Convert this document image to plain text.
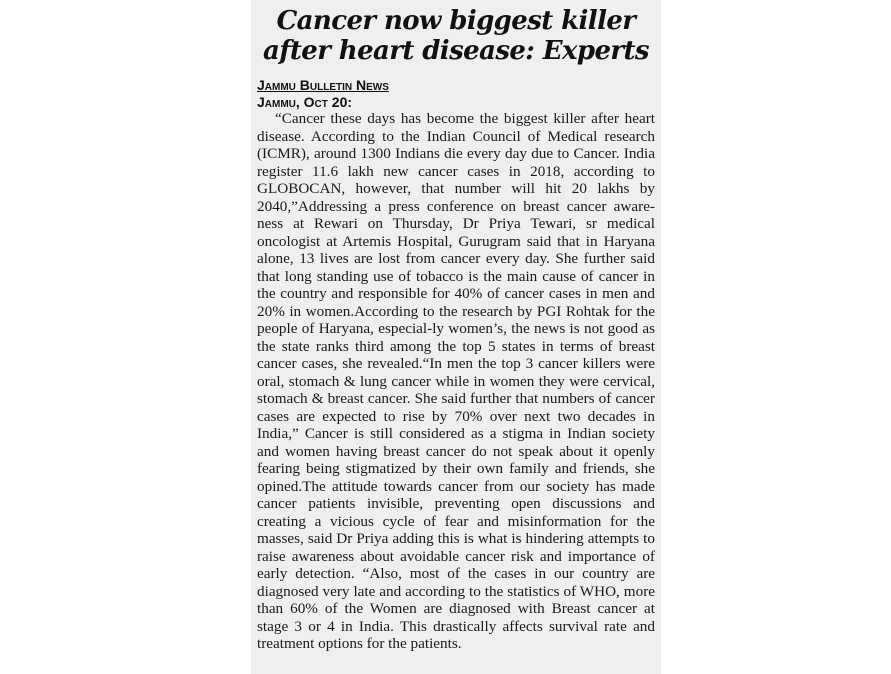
Cancer now biggest killer after heart disease: Experts
Jammu Bulletin News
Jammu, Oct 20:

“Cancer these days has become the biggest killer after heart disease. According to the Indian Council of Medical research (ICMR), around 1300 Indians die every day due to Cancer. India register 11.6 lakh new cancer cases in 2018, according to GLOBOCAN, however, that number will hit 20 lakhs by 2040,”Addressing a press conference on breast cancer aware-ness at Rewari on Thursday, Dr Priya Tewari, sr medical oncologist at Artemis Hospital, Gurugram said that in Haryana alone, 13 lives are lost from cancer every day. She further said that long standing use of tobacco is the main cause of cancer in the country and responsible for 40% of cancer cases in men and 20% in women.According to the research by PGI Rohtak for the people of Haryana, especial-ly women’s, the news is not good as the state ranks third among the top 5 states in terms of breast cancer cases, she revealed.“In men the top 3 cancer killers were oral, stomach & lung cancer while in women they were cervical, stomach & breast cancer. She said further that numbers of cancer cases are expected to rise by 70% over next two decades in India,” Cancer is still considered as a stigma in Indian society and women having breast cancer do not speak about it openly fearing being stigmatized by their own family and friends, she opined.The attitude towards cancer from our society has made cancer patients invisible, preventing open discussions and creating a vicious cycle of fear and misinformation for the masses, said Dr Priya adding this is what is hindering attempts to raise awareness about avoidable cancer risk and importance of early detection. “Also, most of the cases in our country are diagnosed very late and according to the statistics of WHO, more than 60% of the Women are diagnosed with Breast cancer at stage 3 or 4 in India. This drastically affects survival rate and treatment options for the patients.
